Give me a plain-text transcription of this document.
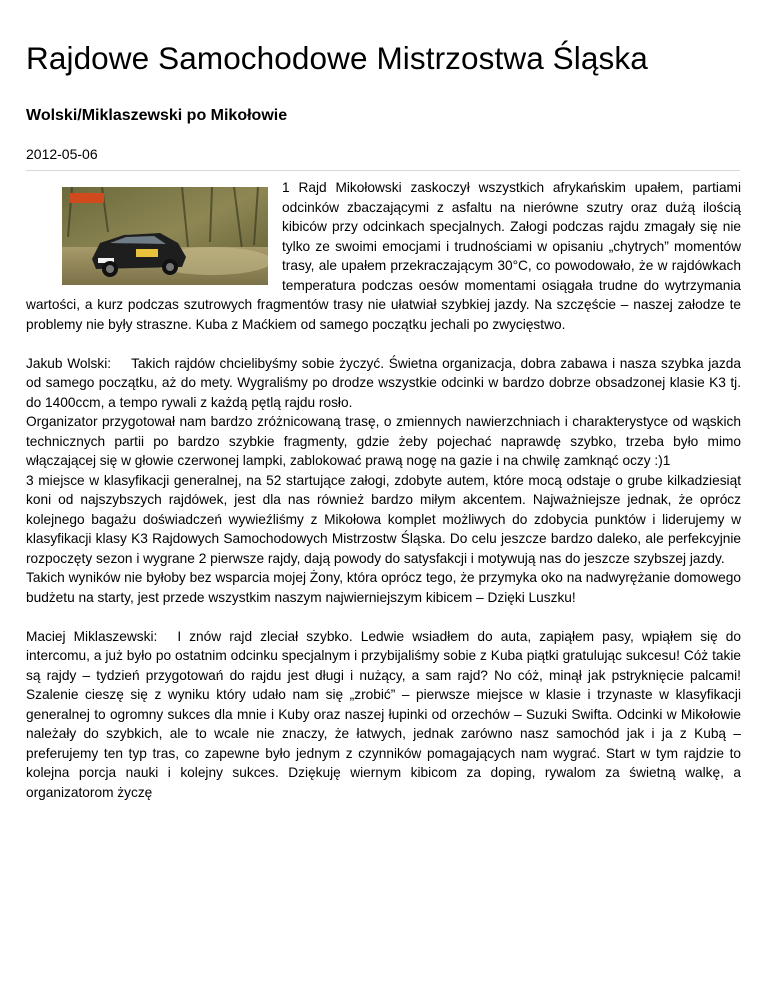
Rajdowe Samochodowe Mistrzostwa Śląska
Wolski/Miklaszewski po Mikołowie
2012-05-06

1 Rajd Mikołowski zaskoczył wszystkich afrykańskim upałem, partiami odcinków zbaczającymi z asfaltu na nierówne szutry oraz dużą ilością kibiców przy odcinkach specjalnych. Załogi podczas rajdu zmagały się nie tylko ze swoimi emocjami i trudnościami w opisaniu „chytrych” momentów trasy, ale upałem przekraczającym 30°C, co powodowało, że w rajdówkach temperatura podczas oesów momentami osiągała trudne do wytrzymania wartości, a kurz podczas szutrowych fragmentów trasy nie ułatwiał szybkiej jazdy. Na szczęście – naszej załodze te problemy nie były straszne. Kuba z Maćkiem od samego początku jechali po zwycięstwo.

Jakub Wolski: Takich rajdów chcielibyśmy sobie życzyć. Świetna organizacja, dobra zabawa i nasza szybka jazda od samego początku, aż do mety. Wygraliśmy po drodze wszystkie odcinki w bardzo dobrze obsadzonej klasie K3 tj. do 1400ccm, a tempo rywali z każdą pętlą rajdu rosło.

Organizator przygotował nam bardzo zróżnicowaną trasę, o zmiennych nawierzchniach i charakterystyce od wąskich technicznych partii po bardzo szybkie fragmenty, gdzie żeby pojechać naprawdę szybko, trzeba było mimo włączającej się w głowie czerwonej lampki, zablokować prawą nogę na gazie i na chwilę zamknąć oczy :)1

3 miejsce w klasyfikacji generalnej, na 52 startujące załogi, zdobyte autem, które mocą odstaje o grube kilkadziesiąt koni od najszybszych rajdówek, jest dla nas również bardzo miłym akcentem. Najważniejsze jednak, że oprócz kolejnego bagażu doświadczeń wywieźliśmy z Mikołowa komplet możliwych do zdobycia punktów i liderujemy w klasyfikacji klasy K3 Rajdowych Samochodowych Mistrzostw Śląska. Do celu jeszcze bardzo daleko, ale perfekcyjnie rozpoczęty sezon i wygrane 2 pierwsze rajdy, dają powody do satysfakcji i motywują nas do jeszcze szybszej jazdy.

Takich wyników nie byłoby bez wsparcia mojej Żony, która oprócz tego, że przymyka oko na nadwyrężanie domowego budżetu na starty, jest przede wszystkim naszym najwierniejszym kibicem – Dzięki Luszku!

Maciej Miklaszewski: I znów rajd zleciał szybko. Ledwie wsiadłem do auta, zapiąłem pasy, wpiąłem się do intercomu, a już było po ostatnim odcinku specjalnym i przybijaliśmy sobie z Kuba piątki gratulując sukcesu! Cóż takie są rajdy – tydzień przygotowań do rajdu jest długi i nużący, a sam rajd? No cóż, minął jak pstryknięcie palcami! Szalenie cieszę się z wyniku który udało nam się „zrobić” – pierwsze miejsce w klasie i trzynaste w klasyfikacji generalnej to ogromny sukces dla mnie i Kuby oraz naszej łupinki od orzechów – Suzuki Swifta. Odcinki w Mikołowie należały do szybkich, ale to wcale nie znaczy, że łatwych, jednak zarówno nasz samochód jak i ja z Kubą – preferujemy ten typ tras, co zapewne było jednym z czynników pomagających nam wygrać. Start w tym rajdzie to kolejna porcja nauki i kolejny sukces. Dziękuję wiernym kibicom za doping, rywalom za świetną walkę, a organizatorom życzę
